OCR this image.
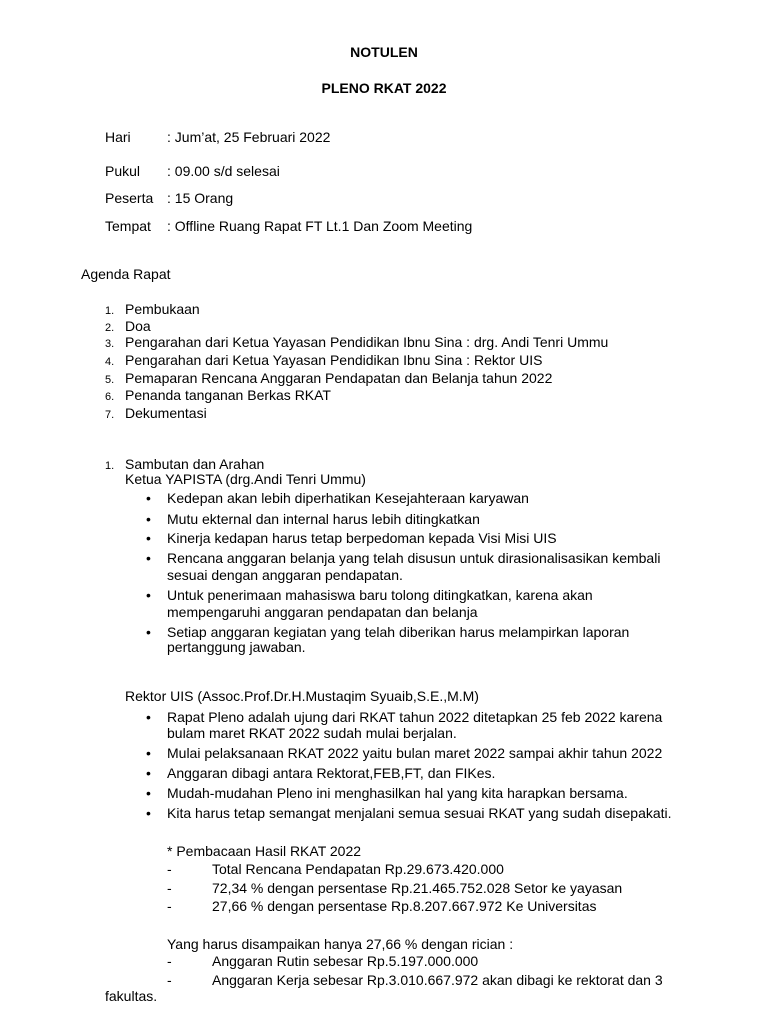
NOTULEN
PLENO RKAT 2022
Hari	: Jum’at, 25 Februari 2022
Pukul : 09.00 s/d selesai
Peserta : 15 Orang
Tempat : Offline Ruang Rapat FT Lt.1 Dan Zoom Meeting
Agenda Rapat
1. Pembukaan
2. Doa
3. Pengarahan dari Ketua Yayasan Pendidikan Ibnu Sina : drg. Andi Tenri Ummu
4. Pengarahan dari Ketua Yayasan Pendidikan Ibnu Sina : Rektor UIS
5. Pemaparan Rencana Anggaran Pendapatan dan Belanja tahun 2022
6. Penanda tanganan Berkas RKAT
7. Dekumentasi
1. Sambutan dan Arahan
Ketua YAPISTA (drg.Andi Tenri Ummu)
• Kedepan akan lebih diperhatikan Kesejahteraan karyawan
• Mutu ekternal dan internal harus lebih ditingkatkan
• Kinerja kedapan harus tetap berpedoman kepada Visi Misi UIS
• Rencana anggaran belanja yang telah disusun untuk dirasionalisasikan kembali
sesuai dengan anggaran pendapatan.
• Untuk penerimaan mahasiswa baru tolong ditingkatkan, karena akan
mempengaruhi anggaran pendapatan dan belanja
• Setiap anggaran kegiatan yang telah diberikan harus melampirkan laporan
pertanggung jawaban.
Rektor UIS (Assoc.Prof.Dr.H.Mustaqim Syuaib,S.E.,M.M)
• Rapat Pleno adalah ujung dari RKAT tahun 2022 ditetapkan 25 feb 2022 karena
bulam maret RKAT 2022 sudah mulai berjalan.
• Mulai pelaksanaan RKAT 2022 yaitu bulan maret 2022 sampai akhir tahun 2022
• Anggaran dibagi antara Rektorat,FEB,FT, dan FIKes.
• Mudah-mudahan Pleno ini menghasilkan hal yang kita harapkan bersama.
• Kita harus tetap semangat menjalani semua sesuai RKAT yang sudah disepakati.
* Pembacaan Hasil RKAT 2022
-	Total Rencana Pendapatan Rp.29.673.420.000
-	72,34 % dengan persentase Rp.21.465.752.028 Setor ke yayasan
-	27,66 % dengan persentase Rp.8.207.667.972 Ke Universitas
Yang harus disampaikan hanya 27,66 % dengan rician :
-	Anggaran Rutin sebesar Rp.5.197.000.000
-	Anggaran Kerja sebesar Rp.3.010.667.972 akan dibagi ke rektorat dan 3
fakultas.
